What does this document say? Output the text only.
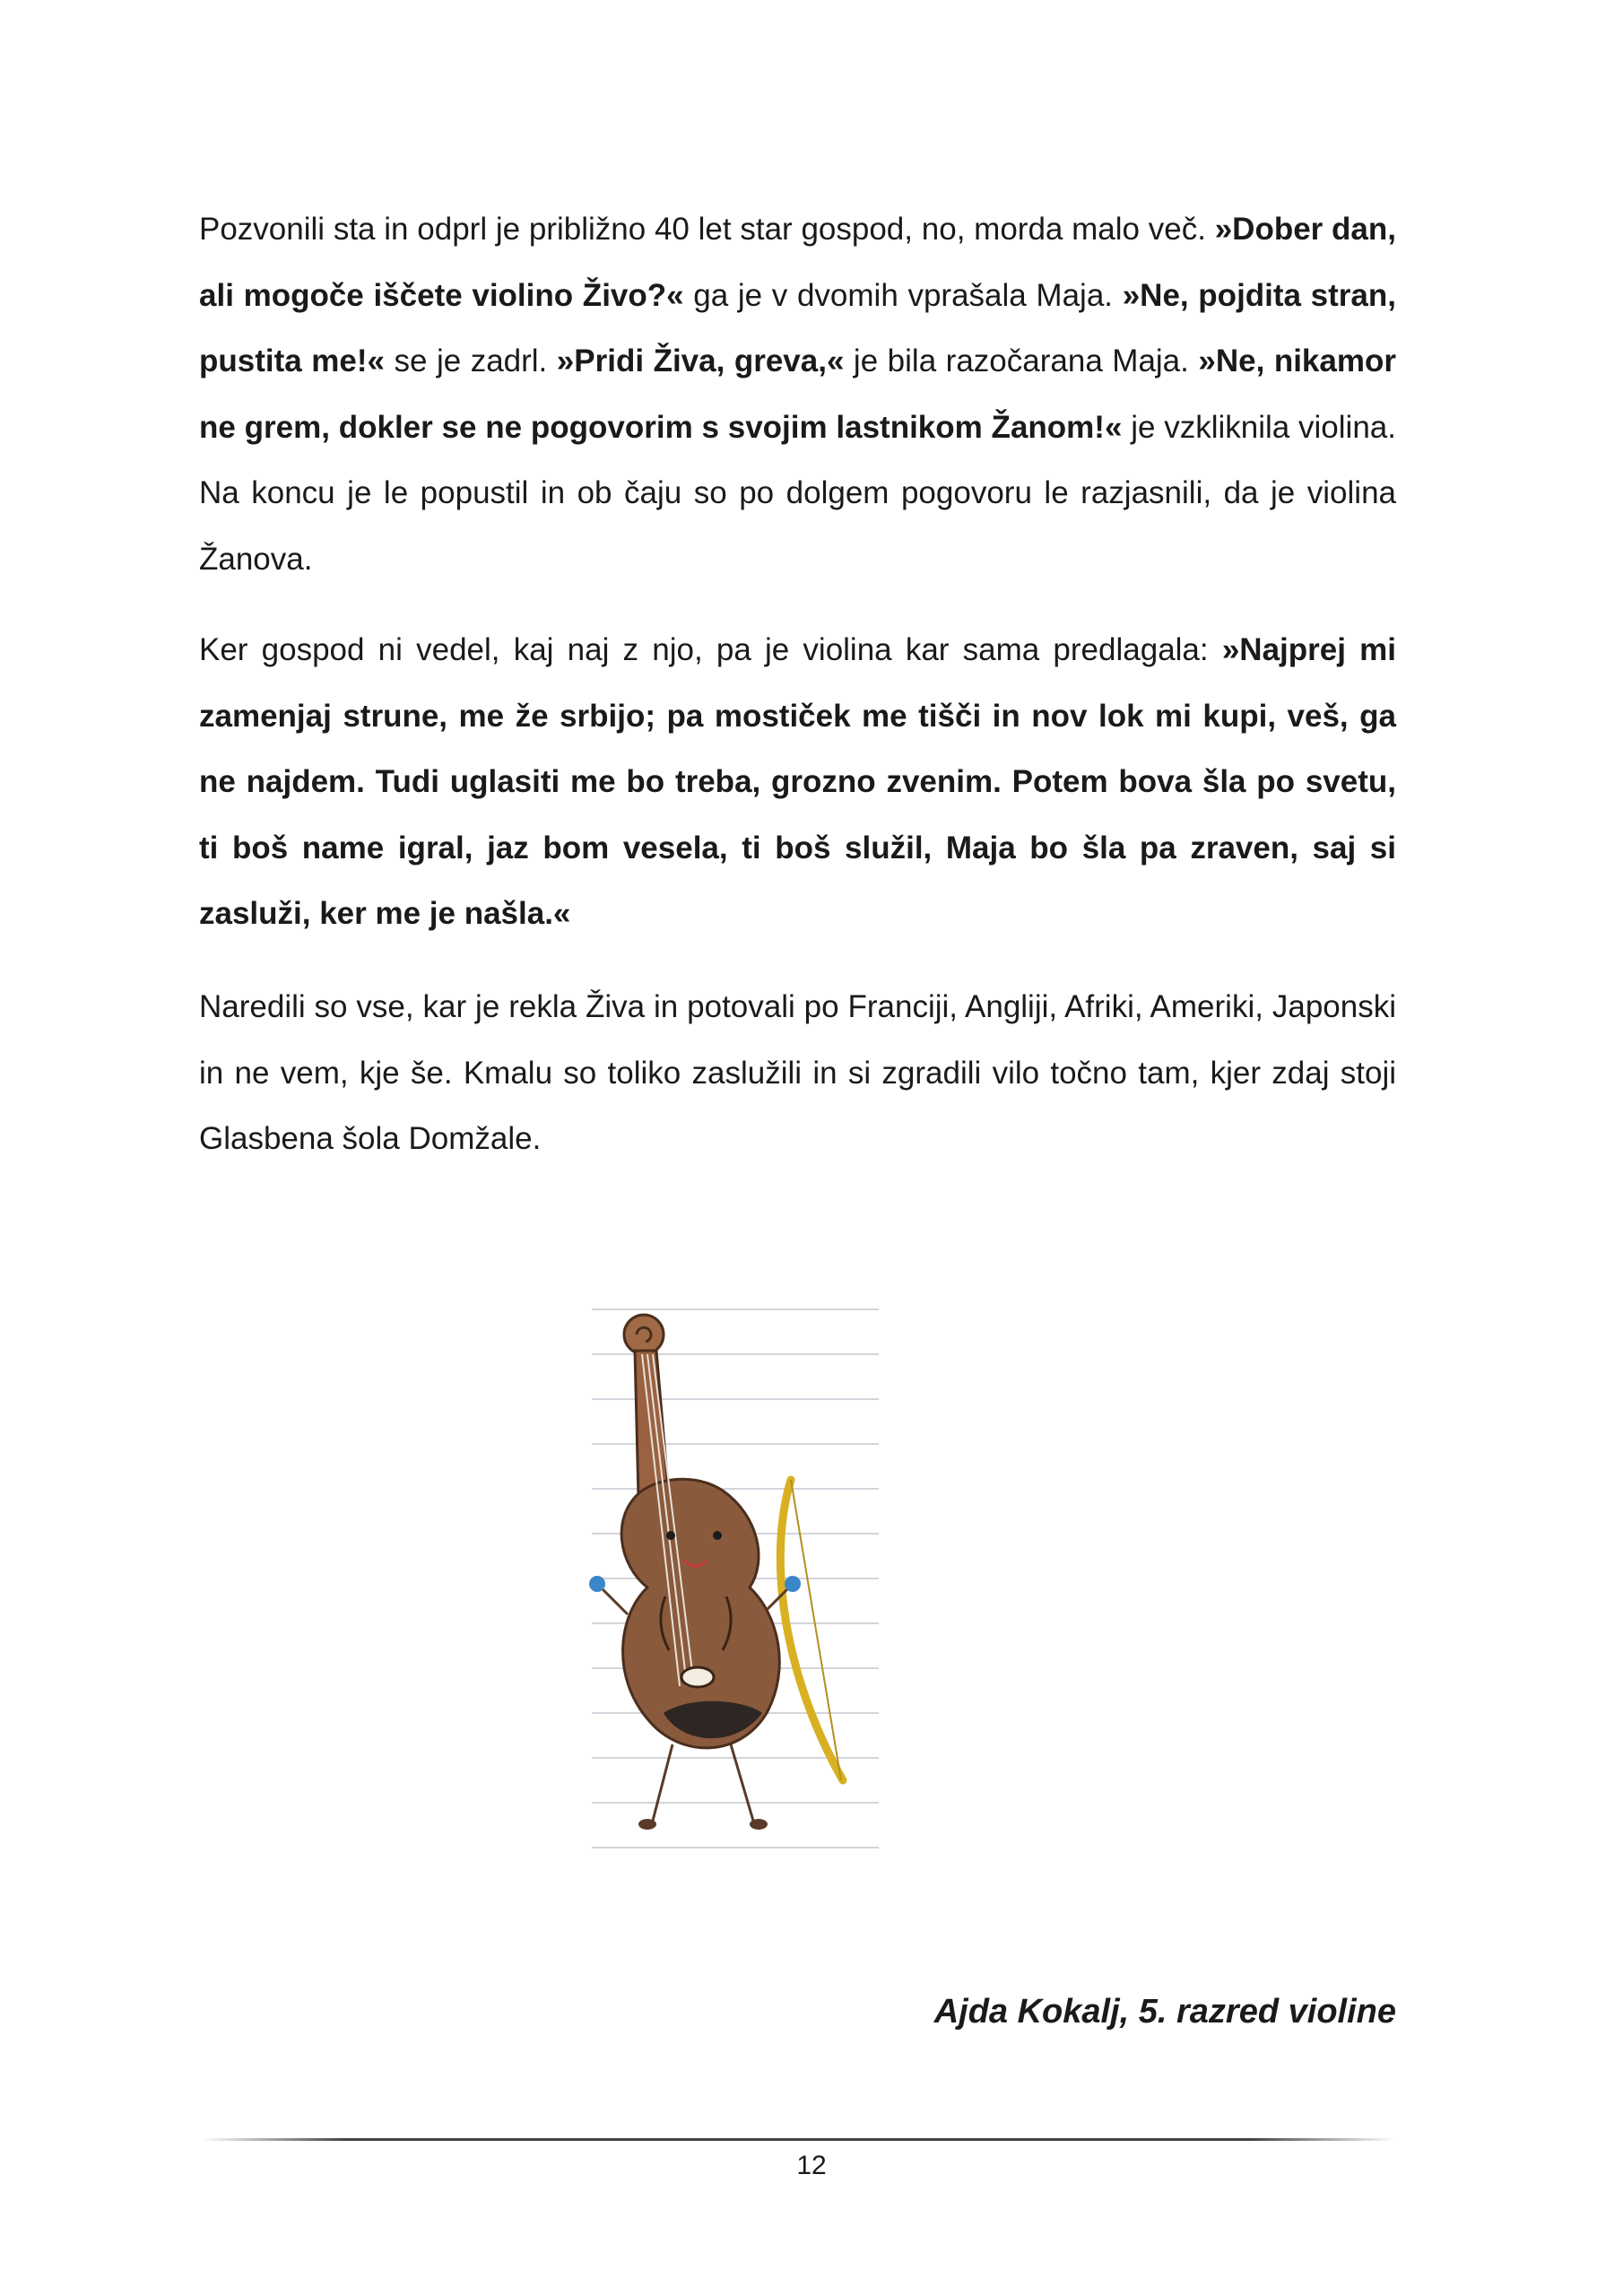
Pozvonili sta in odprl je približno 40 let star gospod, no, morda malo več. »Dober dan, ali mogoče iščete violino Živo?« ga je v dvomih vprašala Maja. »Ne, pojdita stran, pustita me!« se je zadrl. »Pridi Živa, greva,« je bila razočarana Maja. »Ne, nikamor ne grem, dokler se ne pogovorim s svojim lastnikom Žanom!« je vzkliknila violina. Na koncu je le popustil in ob čaju so po dolgem pogovoru le razjasnili, da je violina Žanova.

Ker gospod ni vedel, kaj naj z njo, pa je violina kar sama predlagala: »Najprej mi zamenjaj strune, me že srbijo; pa mostiček me tišči in nov lok mi kupi, veš, ga ne najdem. Tudi uglasiti me bo treba, grozno zvenim. Potem bova šla po svetu, ti boš name igral, jaz bom vesela, ti boš služil, Maja bo šla pa zraven, saj si zasluži, ker me je našla.«

Naredili so vse, kar je rekla Živa in potovali po Franciji, Angliji, Afriki, Ameriki, Japonski in ne vem, kje še. Kmalu so toliko zaslužili in si zgradili vilo točno tam, kjer zdaj stoji Glasbena šola Domžale.

Ajda Kokalj, 5. razred violine
12
